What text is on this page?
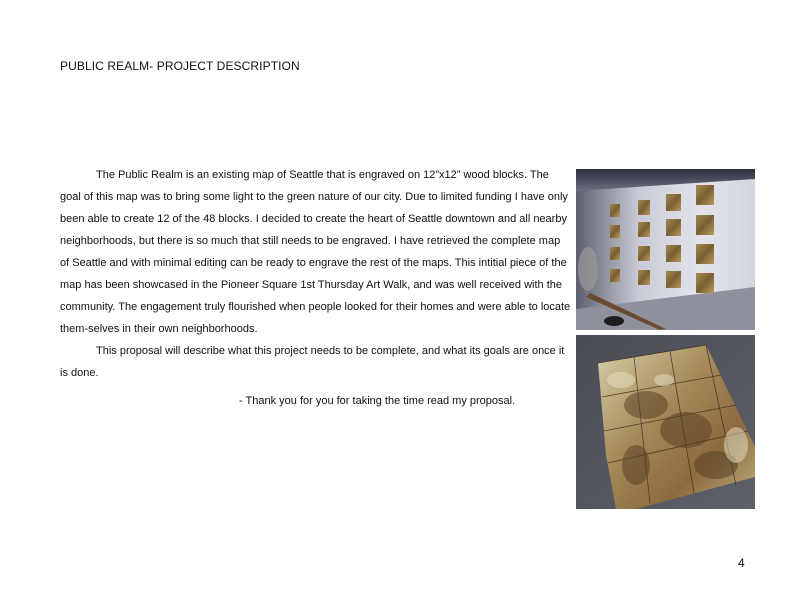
PUBLIC REALM- PROJECT DESCRIPTION

The Public Realm is an existing map of Seattle that is engraved on 12”x12” wood blocks. The goal of this map was to bring some light to the green nature of our city. Due to limited funding I have only been able to create 12 of the 48 blocks. I decided to create the heart of Seattle downtown and all nearby neighborhoods, but there is so much that still needs to be engraved. I have retrieved the complete map of Seattle and with minimal editing can be ready to engrave the rest of the maps. This intitial piece of the map has been showcased in the Pioneer Square 1st Thursday Art Walk, and was well received with the community. The engagement truly flourished when people looked for their homes and were able to locate them-selves in their own neighborhoods.

This proposal will describe what this project needs to be complete, and what its goals are once it is done.

- Thank you for you for taking the time read my proposal.

4
